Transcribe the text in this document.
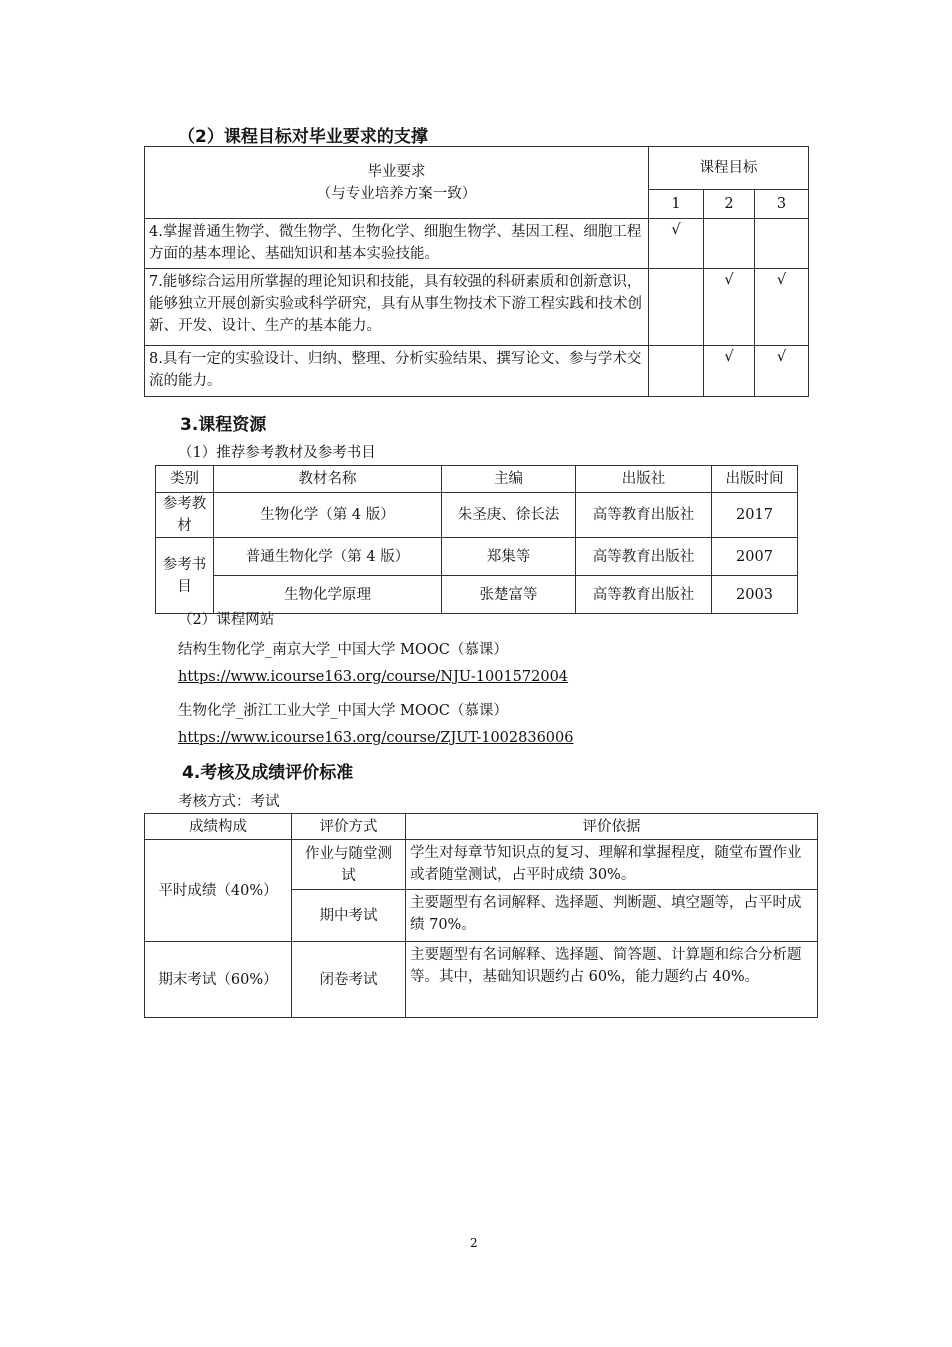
（2）课程目标对毕业要求的支撑
毕业要求
（与专业培养方案一致）	课程目标		
	1	2	3
4.掌握普通生物学、微生物学、生物化学、细胞生物学、基因工程、细胞工程方面的基本理论、基础知识和基本实验技能。	√		
7.能够综合运用所掌握的理论知识和技能，具有较强的科研素质和创新意识，能够独立开展创新实验或科学研究，具有从事生物技术下游工程实践和技术创新、开发、设计、生产的基本能力。		√	√
8.具有一定的实验设计、归纳、整理、分析实验结果、撰写论文、参与学术交流的能力。		√	√
3.课程资源
（1）推荐参考教材及参考书目
类别	教材名称	主编	出版社	出版时间
参考教材	生物化学（第 4 版）	朱圣庚、徐长法	高等教育出版社	2017
参考书目	普通生物化学（第 4 版）	郑集等	高等教育出版社	2007
	生物化学原理	张楚富等	高等教育出版社	2003
（2）课程网站
结构生物化学_南京大学_中国大学 MOOC（慕课）
https://www.icourse163.org/course/NJU-1001572004
生物化学_浙江工业大学_中国大学 MOOC（慕课）
https://www.icourse163.org/course/ZJUT-1002836006
4.考核及成绩评价标准
考核方式：考试
成绩构成	评价方式	评价依据
平时成绩（40%）	作业与随堂测试	学生对每章节知识点的复习、理解和掌握程度，随堂布置作业或者随堂测试，占平时成绩 30%。
	期中考试	主要题型有名词解释、选择题、判断题、填空题等，占平时成绩 70%。
期末考试（60%）	闭卷考试	主要题型有名词解释、选择题、简答题、计算题和综合分析题等。其中，基础知识题约占 60%，能力题约占 40%。
2
